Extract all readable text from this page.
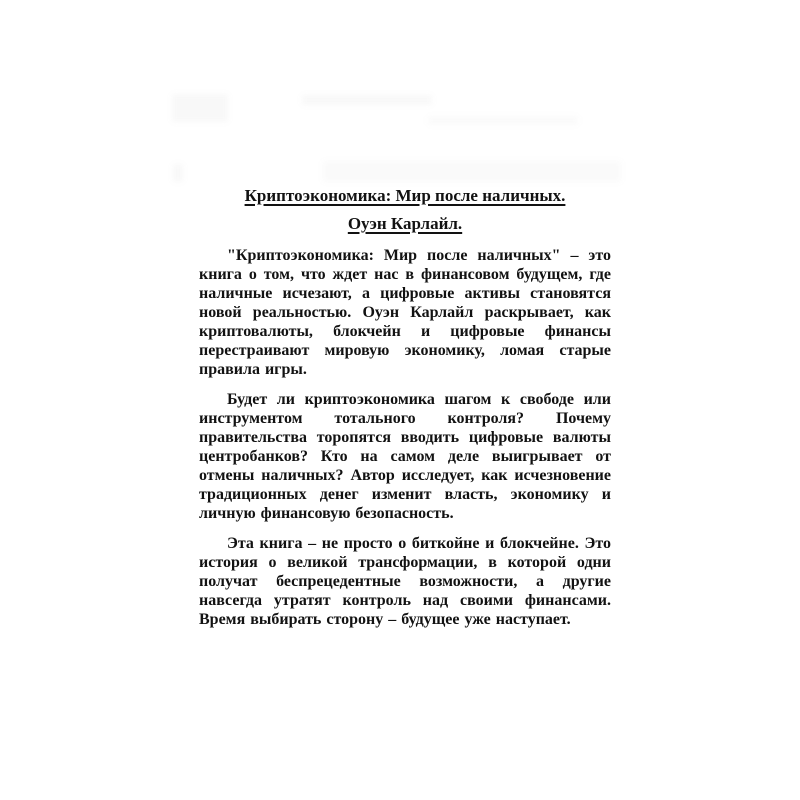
Криптоэкономика: Мир после наличных.
Оуэн Карлайл.

"Криптоэкономика: Мир после наличных" – это книга о том, что ждет нас в финансовом будущем, где наличные исчезают, а цифровые активы становятся новой реальностью. Оуэн Карлайл раскрывает, как криптовалюты, блокчейн и цифровые финансы перестраивают мировую экономику, ломая старые правила игры.

Будет ли криптоэкономика шагом к свободе или инструментом тотального контроля? Почему правительства торопятся вводить цифровые валюты центробанков? Кто на самом деле выигрывает от отмены наличных? Автор исследует, как исчезновение традиционных денег изменит власть, экономику и личную финансовую безопасность.

Эта книга – не просто о биткойне и блокчейне. Это история о великой трансформации, в которой одни получат беспрецедентные возможности, а другие навсегда утратят контроль над своими финансами. Время выбирать сторону – будущее уже наступает.
